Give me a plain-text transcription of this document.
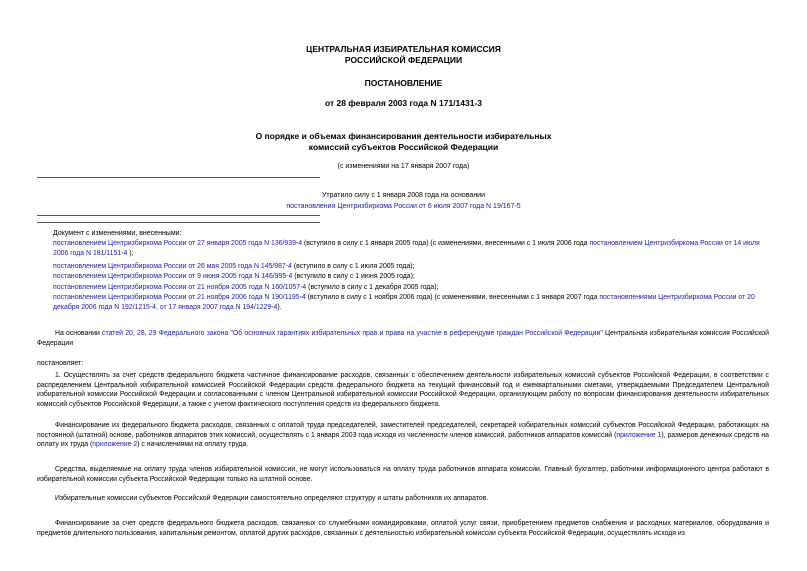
ЦЕНТРАЛЬНАЯ ИЗБИРАТЕЛЬНАЯ КОМИССИЯ
РОССИЙСКОЙ ФЕДЕРАЦИИ
ПОСТАНОВЛЕНИЕ
от 28 февраля 2003 года N 171/1431-3
О порядке и объемах финансирования деятельности избирательных
комиссий субъектов Российской Федерации
(с изменениями на 17 января 2007 года)
Утратило силу с 1 января 2008 года на основании
постановления Центризбиркома России от 6 июля 2007 года N 19/167-5
Документ с изменениями, внесенными:
постановлением Центризбиркома России от 27 января 2005 года N 136/939-4 (вступило в силу с 1 января 2005 года) (с изменениями, внесенными с 1 июля 2006 года постановлением Центризбиркома России от 14 июля 2006 года N 181/1151-4 );
постановлением Центризбиркома России от 26 мая 2005 года N 145/987-4 (вступило в силу с 1 июля 2005 года);
постановлением Центризбиркома России от 9 июня 2005 года N 146/995-4 (вступило в силу с 1 июня 2005 года);
постановлением Центризбиркома России от 21 ноября 2005 года N 160/1057-4 (вступило в силу с 1 декабря 2005 года);
постановлением Центризбиркома России от 21 ноября 2006 года N 190/1195-4 (вступило в силу с 1 ноября 2006 года) (с изменениями, внесенными с 1 января 2007 года постановлениями Центризбиркома России от 20 декабря 2006 года N 192/1215-4, от 17 января 2007 года N 194/1229-4).
На основании статей 20, 28, 29 Федерального закона "Об основных гарантиях избирательных прав и права на участие в референдуме граждан Российской Федерации" Центральная избирательная комиссия Российской Федерации
постановляет:
1. Осуществлять за счет средств федерального бюджета частичное финансирование расходов, связанных с обеспечением деятельности избирательных комиссий субъектов Российской Федерации, в соответствии с распределением Центральной избирательной комиссией Российской Федерации средств федерального бюджета на текущий финансовый год и ежеквартальными сметами, утверждаемыми Председателем Центральной избирательной комиссии Российской Федерации и согласованными с членом Центральной избирательной комиссии Российской Федерации, организующим работу по вопросам финансирования деятельности избирательных комиссий субъектов Российской Федерации, а также с учетом фактического поступления средств из федерального бюджета.
Финансирование из федерального бюджета расходов, связанных с оплатой труда председателей, заместителей председателей, секретарей избирательных комиссий субъектов Российской Федерации, работающих на постоянной (штатной) основе, работников аппаратов этих комиссий, осуществлять с 1 января 2003 года исходя из численности членов комиссий, работников аппаратов комиссий (приложение 1), размеров денежных средств на оплату их труда (приложение 2) с начислениями на оплату труда.
Средства, выделяемые на оплату труда членов избирательной комиссии, не могут использоваться на оплату труда работников аппарата комиссии. Главный бухгалтер, работники информационного центра работают в избирательной комиссии субъекта Российской Федерации только на штатной основе.
Избирательные комиссии субъектов Российской Федерации самостоятельно определяют структуру и штаты работников их аппаратов.
Финансирование за счет средств федерального бюджета расходов, связанных со служебными командировками, оплатой услуг связи, приобретением предметов снабжения и расходных материалов, оборудования и предметов длительного пользования, капитальным ремонтом, оплатой других расходов, связанных с деятельностью избирательной комиссии субъекта Российской Федерации, осуществлять исходя из
